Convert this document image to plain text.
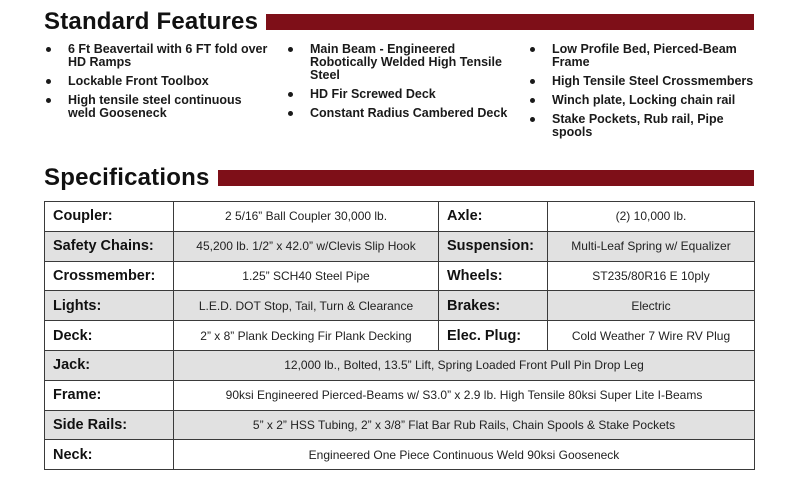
Standard Features
6 Ft Beavertail with 6 FT fold over HD Ramps
Lockable Front Toolbox
High tensile steel continuous weld Gooseneck
Main Beam - Engineered Robotically Welded High Tensile Steel
HD Fir Screwed Deck
Constant Radius Cambered Deck
Low Profile Bed, Pierced-Beam Frame
High Tensile Steel Crossmembers
Winch plate, Locking chain rail
Stake Pockets, Rub rail, Pipe spools
Specifications
Coupler:	2 5/16” Ball Coupler 30,000 lb.	Axle:	(2) 10,000 lb.
Safety Chains:	45,200 lb. 1/2” x 42.0” w/Clevis Slip Hook	Suspension:	Multi-Leaf Spring w/ Equalizer
Crossmember:	1.25” SCH40 Steel Pipe	Wheels:	ST235/80R16 E 10ply
Lights:	L.E.D. DOT Stop, Tail, Turn & Clearance	Brakes:	Electric
Deck:	2” x 8” Plank Decking Fir Plank Decking	Elec. Plug:	Cold Weather 7 Wire RV Plug
Jack:	12,000 lb., Bolted, 13.5” Lift, Spring Loaded Front Pull Pin Drop Leg		
Frame:	90ksi Engineered Pierced-Beams w/ S3.0” x 2.9 lb. High Tensile 80ksi Super Lite I-Beams		
Side Rails:	5” x 2” HSS Tubing, 2” x 3/8” Flat Bar Rub Rails, Chain Spools & Stake Pockets		
Neck:	Engineered One Piece Continuous Weld 90ksi Gooseneck		
